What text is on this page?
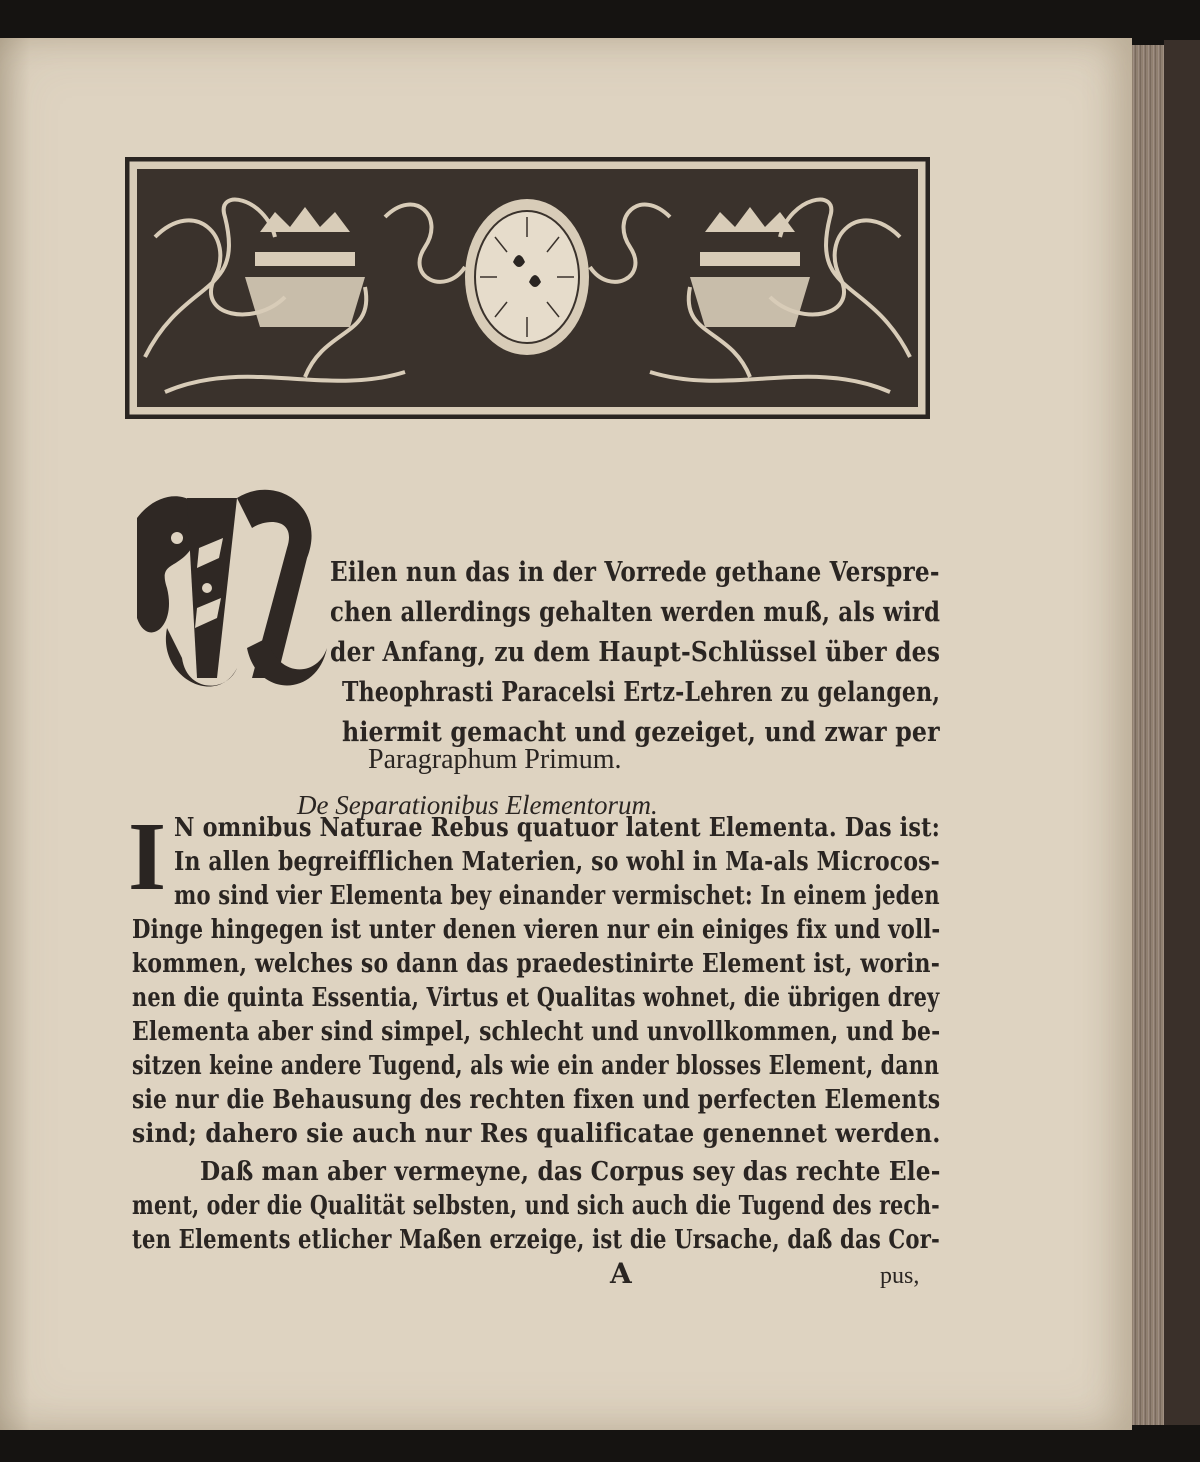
Eilen nun das in der Vorrede gethane Verspre-
chen allerdings gehalten werden muß, als wird
der Anfang, zu dem Haupt-Schlüssel über des
Theophrasti Paracelsi Ertz-Lehren zu gelangen,
hiermit gemacht und gezeiget, und zwar per
Paragraphum Primum.
De Separationibus Elementorum.
I N omnibus Naturae Rebus quatuor latent Elementa. Das ist:
In allen begreifflichen Materien, so wohl in Ma-als Microcos-
mo sind vier Elementa bey einander vermischet: In einem jeden
Dinge hingegen ist unter denen vieren nur ein einiges fix und voll-
kommen, welches so dann das praedestinirte Element ist, worin-
nen die quinta Essentia, Virtus et Qualitas wohnet, die übrigen drey
Elementa aber sind simpel, schlecht und unvollkommen, und be-
sitzen keine andere Tugend, als wie ein ander blosses Element, dann
sie nur die Behausung des rechten fixen und perfecten Elements
sind; dahero sie auch nur Res qualificatae genennet werden.
Daß man aber vermeyne, das Corpus sey das rechte Ele-
ment, oder die Qualität selbsten, und sich auch die Tugend des rech-
ten Elements etlicher Maßen erzeige, ist die Ursache, daß das Cor-
A	pus,
